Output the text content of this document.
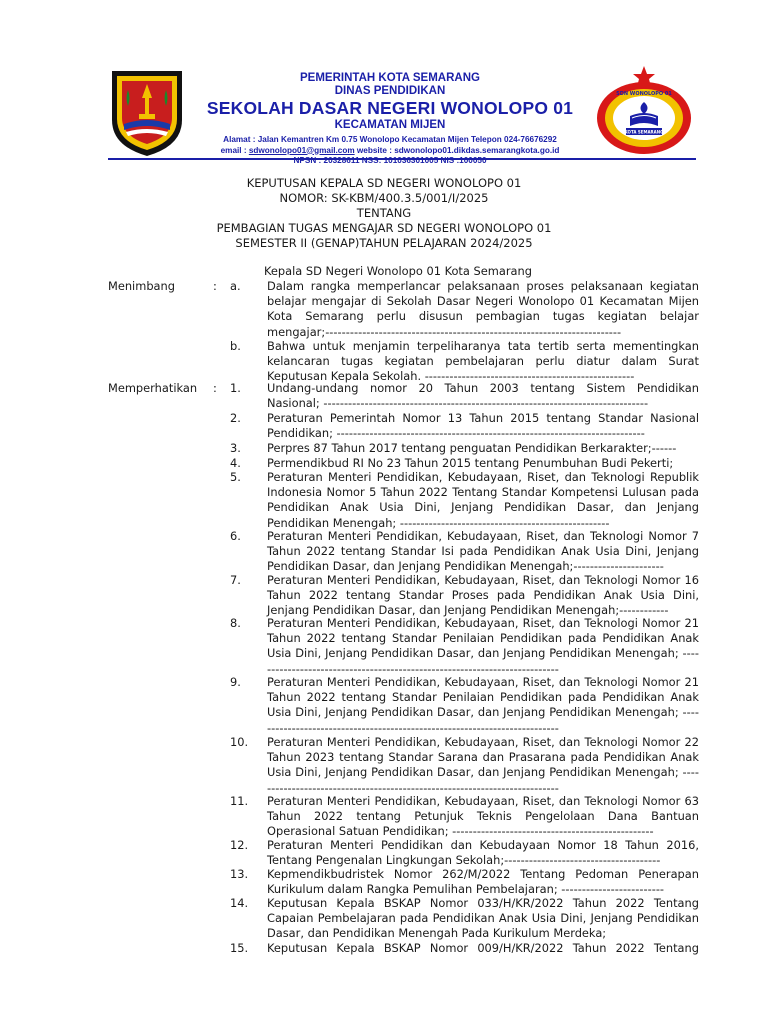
PEMERINTAH KOTA SEMARANG
DINAS PENDIDIKAN
SEKOLAH DASAR NEGERI WONOLOPO 01
KECAMATAN MIJEN
Alamat : Jalan Kemantren Km 0.75 Wonolopo Kecamatan Mijen Telepon 024-76676292
email : sdwonolopo01@gmail.com website : sdwonolopo01.dikdas.semarangkota.go.id
NPSN : 20328611 NSS: 101036301005 NIS :100050
SDN WONOLOPO 01
KOTA SEMARANG
KEPUTUSAN KEPALA SD NEGERI WONOLOPO 01
NOMOR: SK-KBM/400.3.5/001/I/2025
TENTANG
PEMBAGIAN TUGAS MENGAJAR SD NEGERI WONOLOPO 01
SEMESTER II (GENAP)TAHUN PELAJARAN 2024/2025
Kepala SD Negeri Wonolopo 01 Kota Semarang
Menimbang	: a. Dalam rangka memperlancar pelaksanaan proses pelaksanaan kegiatan belajar mengajar di Sekolah Dasar Negeri Wonolopo 01 Kecamatan Mijen Kota Semarang perlu disusun pembagian tugas kegiatan belajar mengajar;------------------------------------------------------------------------
b. Bahwa untuk menjamin terpeliharanya tata tertib serta mementingkan kelancaran tugas kegiatan pembelajaran perlu diatur dalam Surat Keputusan Kepala Sekolah. ---------------------------------------------------
Memperhatikan : 1. Undang-undang nomor 20 Tahun 2003 tentang Sistem Pendidikan Nasional; -------------------------------------------------------------------------------
2. Peraturan Pemerintah Nomor 13 Tahun 2015 tentang Standar Nasional Pendidikan; ---------------------------------------------------------------------------
3. Perpres 87 Tahun 2017 tentang penguatan Pendidikan Berkarakter;------
4. Permendikbud RI No 23 Tahun 2015 tentang Penumbuhan Budi Pekerti;
5. Peraturan Menteri Pendidikan, Kebudayaan, Riset, dan Teknologi Republik Indonesia Nomor 5 Tahun 2022 Tentang Standar Kompetensi Lulusan pada Pendidikan Anak Usia Dini, Jenjang Pendidikan Dasar, dan Jenjang Pendidikan Menengah; ---------------------------------------------------
6. Peraturan Menteri Pendidikan, Kebudayaan, Riset, dan Teknologi Nomor 7 Tahun 2022 tentang Standar Isi pada Pendidikan Anak Usia Dini, Jenjang Pendidikan Dasar, dan Jenjang Pendidikan Menengah;----------------------
7. Peraturan Menteri Pendidikan, Kebudayaan, Riset, dan Teknologi Nomor 16 Tahun 2022 tentang Standar Proses pada Pendidikan Anak Usia Dini, Jenjang Pendidikan Dasar, dan Jenjang Pendidikan Menengah;------------
8. Peraturan Menteri Pendidikan, Kebudayaan, Riset, dan Teknologi Nomor 21 Tahun 2022 tentang Standar Penilaian Pendidikan pada Pendidikan Anak Usia Dini, Jenjang Pendidikan Dasar, dan Jenjang Pendidikan Menengah; ---------------------------------------------------------------------------
9. Peraturan Menteri Pendidikan, Kebudayaan, Riset, dan Teknologi Nomor 21 Tahun 2022 tentang Standar Penilaian Pendidikan pada Pendidikan Anak Usia Dini, Jenjang Pendidikan Dasar, dan Jenjang Pendidikan Menengah; ---------------------------------------------------------------------------
10. Peraturan Menteri Pendidikan, Kebudayaan, Riset, dan Teknologi Nomor 22 Tahun 2023 tentang Standar Sarana dan Prasarana pada Pendidikan Anak Usia Dini, Jenjang Pendidikan Dasar, dan Jenjang Pendidikan Menengah; ---------------------------------------------------------------------------
11. Peraturan Menteri Pendidikan, Kebudayaan, Riset, dan Teknologi Nomor 63 Tahun 2022 tentang Petunjuk Teknis Pengelolaan Dana Bantuan Operasional Satuan Pendidikan; -------------------------------------------------
12. Peraturan Menteri Pendidikan dan Kebudayaan Nomor 18 Tahun 2016, Tentang Pengenalan Lingkungan Sekolah;--------------------------------------
13. Kepmendikbudristek Nomor 262/M/2022 Tentang Pedoman Penerapan Kurikulum dalam Rangka Pemulihan Pembelajaran; -------------------------
14. Keputusan Kepala BSKAP Nomor 033/H/KR/2022 Tahun 2022 Tentang Capaian Pembelajaran pada Pendidikan Anak Usia Dini, Jenjang Pendidikan Dasar, dan Pendidikan Menengah Pada Kurikulum Merdeka;
15. Keputusan Kepala BSKAP Nomor 009/H/KR/2022 Tahun 2022 Tentang
